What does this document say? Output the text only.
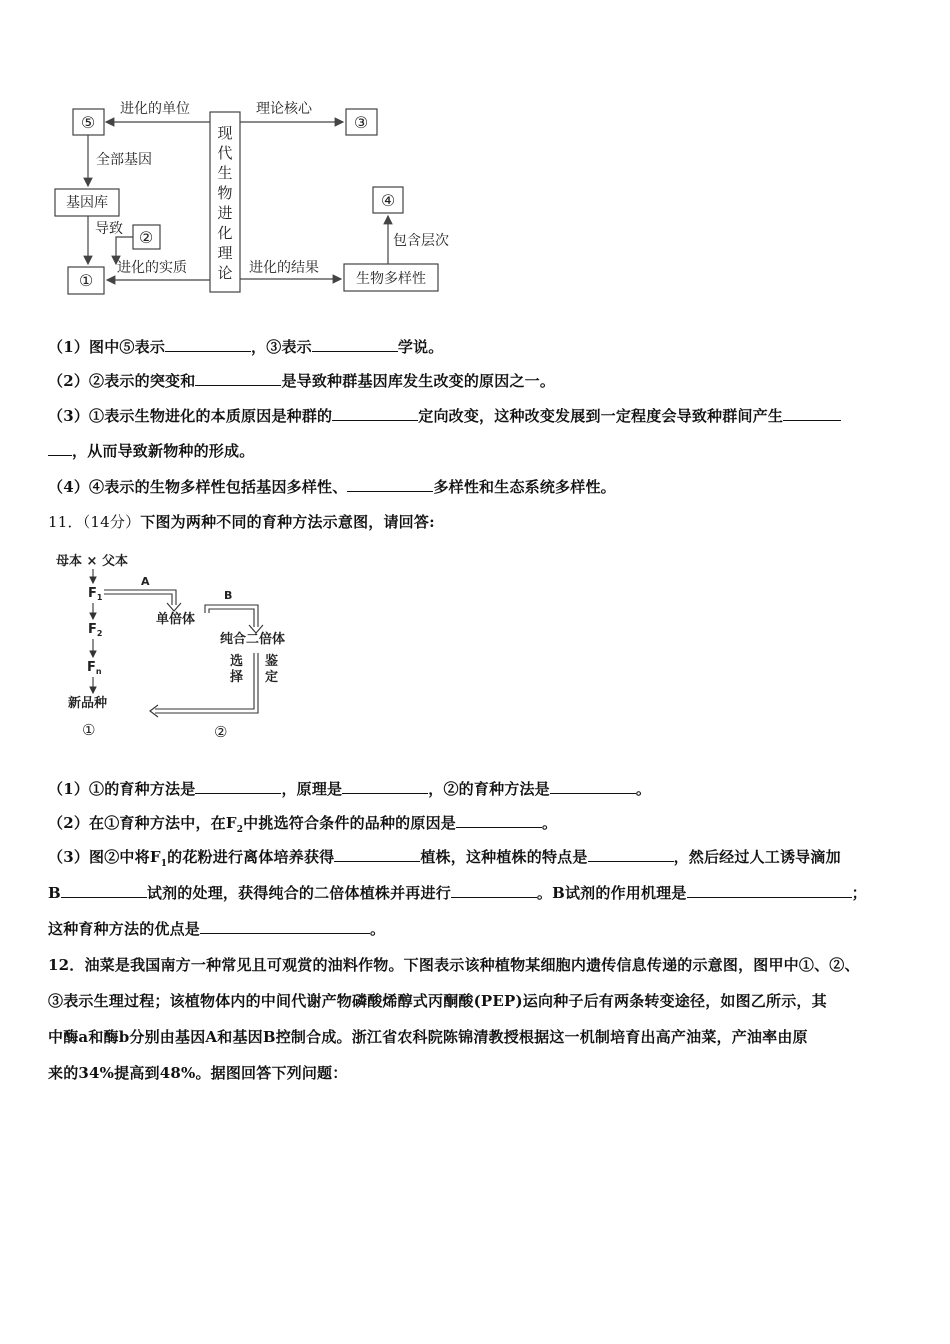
现
代
生
物
进
化
理
论
⑤	③
④
②
①
基因库
生物多样性
进化的单位	理论核心
全部基因
导致
进化的实质	进化的结果
包含层次
（1）图中⑤表示	，③表示	学说。
（2）②表示的突变和	是导致种群基因库发生改变的原因之一。
（3）①表示生物进化的本质原因是种群的	定向改变，这种改变发展到一定程度会导致种群间产生
，从而导致新物种的形成。
（4）④表示的生物多样性包括基因多样性、	多样性和生态系统多样性。
11．（14分）下图为两种不同的育种方法示意图，请回答:
母本 × 父本
$F_1$
$F_2$
$F_n$
新品种
①	②
A
B
单倍体
纯合二倍体
选
择
鉴
定
（1）①的育种方法是	，原理是	，②的育种方法是	。
（2）在①育种方法中，在$F_2$中挑选符合条件的品种的原因是	。
（3）图②中将$F_1$的花粉进行离体培养获得	植株，这种植株的特点是	，然后经过人工诱导滴加
B	试剂的处理，获得纯合的二倍体植株并再进行	。B试剂的作用机理是	；
这种育种方法的优点是	。
12．油菜是我国南方一种常见且可观赏的油料作物。下图表示该种植物某细胞内遗传信息传递的示意图，图甲中①、②、
③表示生理过程；该植物体内的中间代谢产物磷酸烯醇式丙酮酸(PEP)运向种子后有两条转变途径，如图乙所示，其
中酶a和酶b分别由基因A和基因B控制合成。浙江省农科院陈锦清教授根据这一机制培育出高产油菜，产油率由原
来的34%提高到48%。据图回答下列问题：
